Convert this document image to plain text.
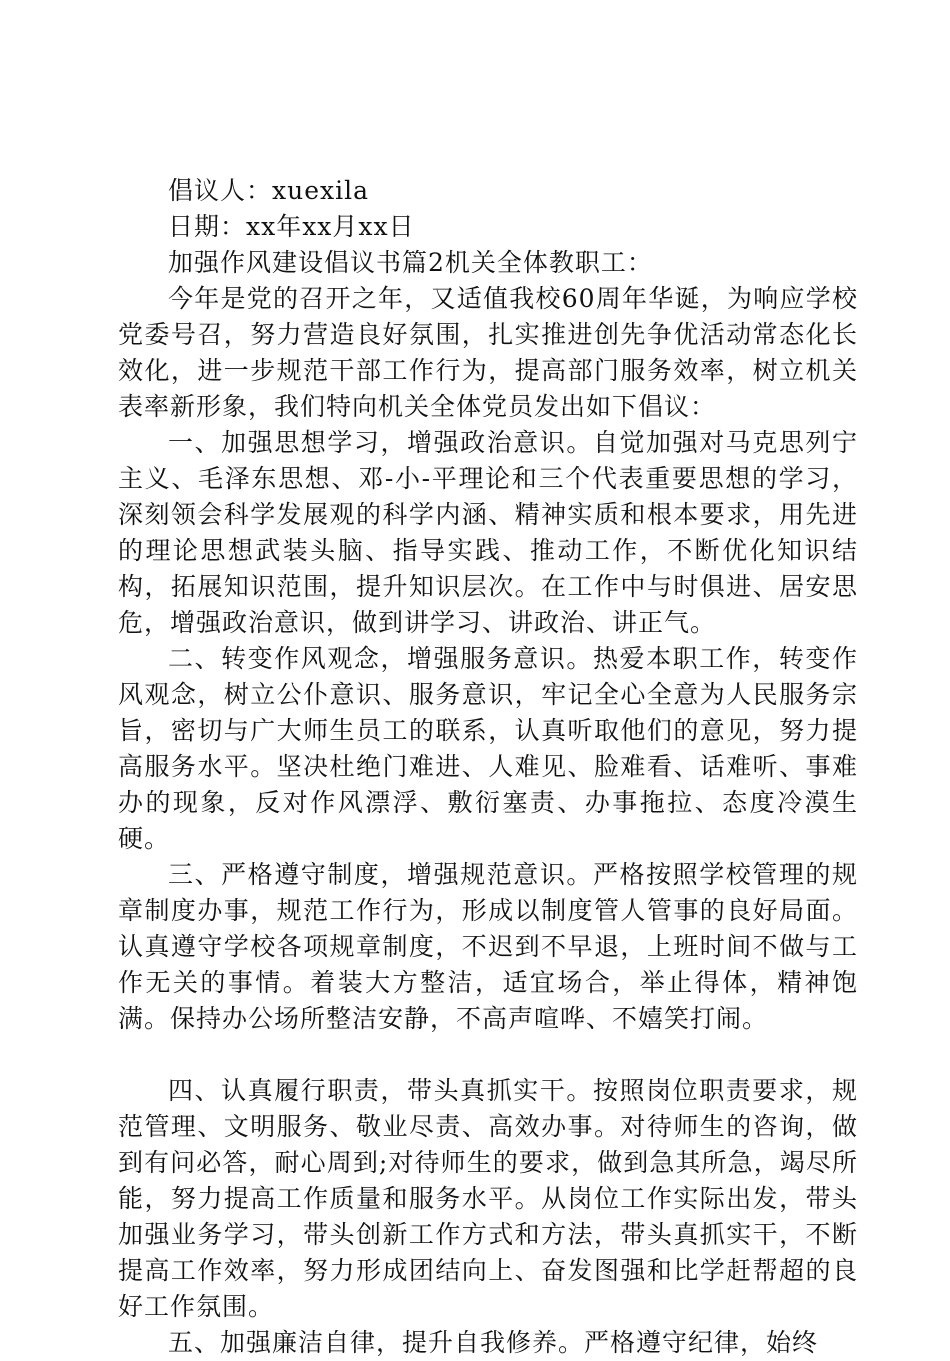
倡议人：xuexila

日期：xx年xx月xx日

加强作风建设倡议书篇2机关全体教职工：

今年是党的召开之年，又适值我校60周年华诞，为响应学校党委号召，努力营造良好氛围，扎实推进创先争优活动常态化长效化，进一步规范干部工作行为，提高部门服务效率，树立机关表率新形象，我们特向机关全体党员发出如下倡议：

一、加强思想学习，增强政治意识。自觉加强对马克思列宁主义、毛泽东思想、邓-小-平理论和三个代表重要思想的学习，深刻领会科学发展观的科学内涵、精神实质和根本要求，用先进的理论思想武装头脑、指导实践、推动工作，不断优化知识结构，拓展知识范围，提升知识层次。在工作中与时俱进、居安思危，增强政治意识，做到讲学习、讲政治、讲正气。

二、转变作风观念，增强服务意识。热爱本职工作，转变作风观念，树立公仆意识、服务意识，牢记全心全意为人民服务宗旨，密切与广大师生员工的联系，认真听取他们的意见，努力提高服务水平。坚决杜绝门难进、人难见、脸难看、话难听、事难办的现象，反对作风漂浮、敷衍塞责、办事拖拉、态度冷漠生硬。

三、严格遵守制度，增强规范意识。严格按照学校管理的规章制度办事，规范工作行为，形成以制度管人管事的良好局面。认真遵守学校各项规章制度，不迟到不早退，上班时间不做与工作无关的事情。着装大方整洁，适宜场合，举止得体，精神饱满。保持办公场所整洁安静，不高声喧哗、不嬉笑打闹。

四、认真履行职责，带头真抓实干。按照岗位职责要求，规范管理、文明服务、敬业尽责、高效办事。对待师生的咨询，做到有问必答，耐心周到;对待师生的要求，做到急其所急，竭尽所能，努力提高工作质量和服务水平。从岗位工作实际出发，带头加强业务学习，带头创新工作方式和方法，带头真抓实干，不断提高工作效率，努力形成团结向上、奋发图强和比学赶帮超的良好工作氛围。

五、加强廉洁自律，提升自我修养。严格遵守纪律，始终
